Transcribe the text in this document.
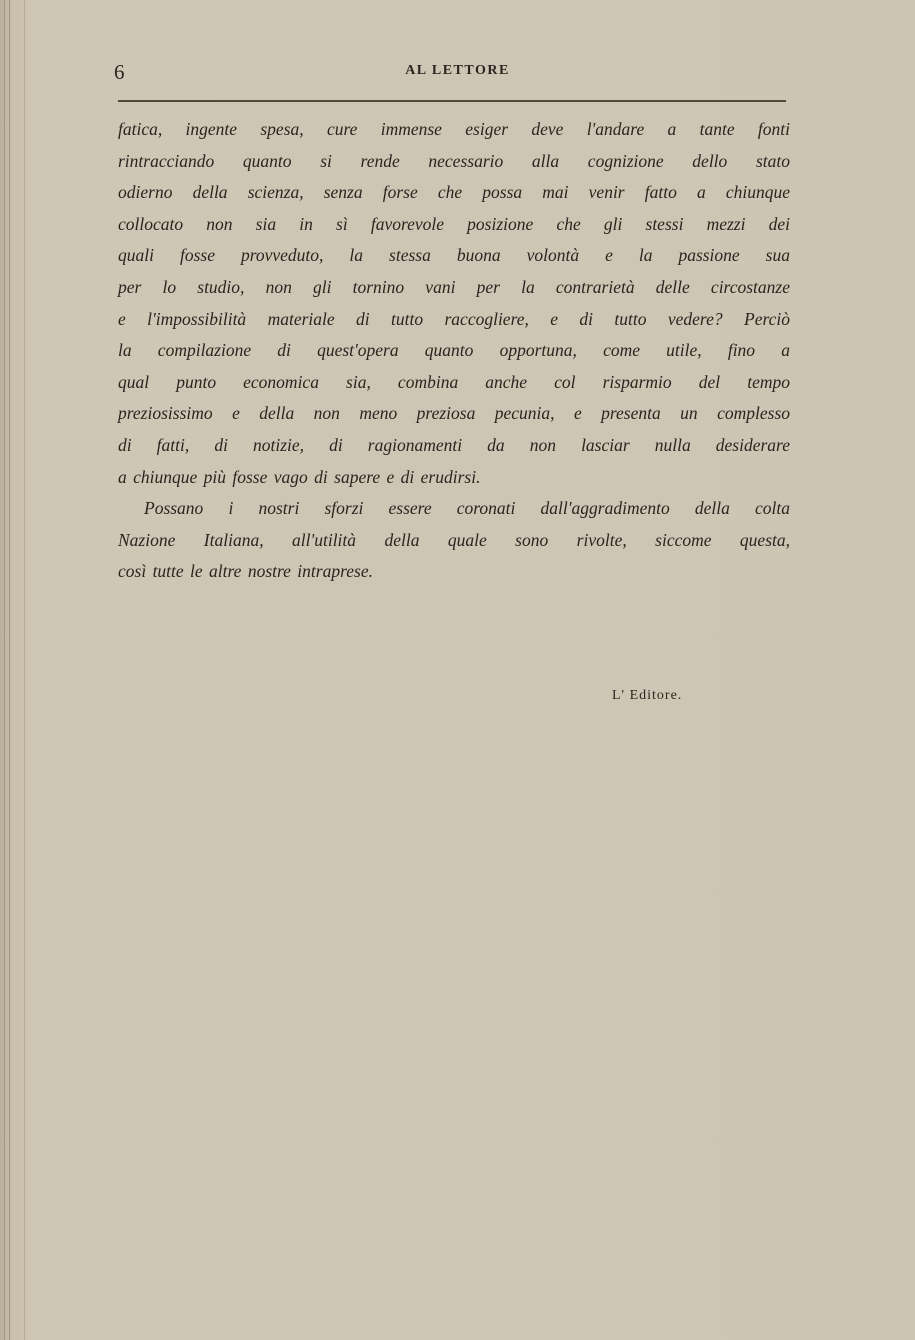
6	AL LETTORE
fatica, ingente spesa, cure immense esiger deve l'andare a tante fonti
rintracciando quanto si rende necessario alla cognizione dello stato
odierno della scienza, senza forse che possa mai venir fatto a chiunque
collocato non sia in sì favorevole posizione che gli stessi mezzi dei
quali fosse provveduto, la stessa buona volontà e la passione sua
per lo studio, non gli tornino vani per la contrarietà delle circostanze
e l'impossibilità materiale di tutto raccogliere, e di tutto vedere? Perciò
la compilazione di quest'opera quanto opportuna, come utile, fino a
qual punto economica sia, combina anche col risparmio del tempo
preziosissimo e della non meno preziosa pecunia, e presenta un complesso
di fatti, di notizie, di ragionamenti da non lasciar nulla desiderare
a chiunque più fosse vago di sapere e di erudirsi.
Possano i nostri sforzi essere coronati dall'aggradimento della colta
Nazione Italiana, all'utilità della quale sono rivolte, siccome questa,
così tutte le altre nostre intraprese.
L' Editore.
